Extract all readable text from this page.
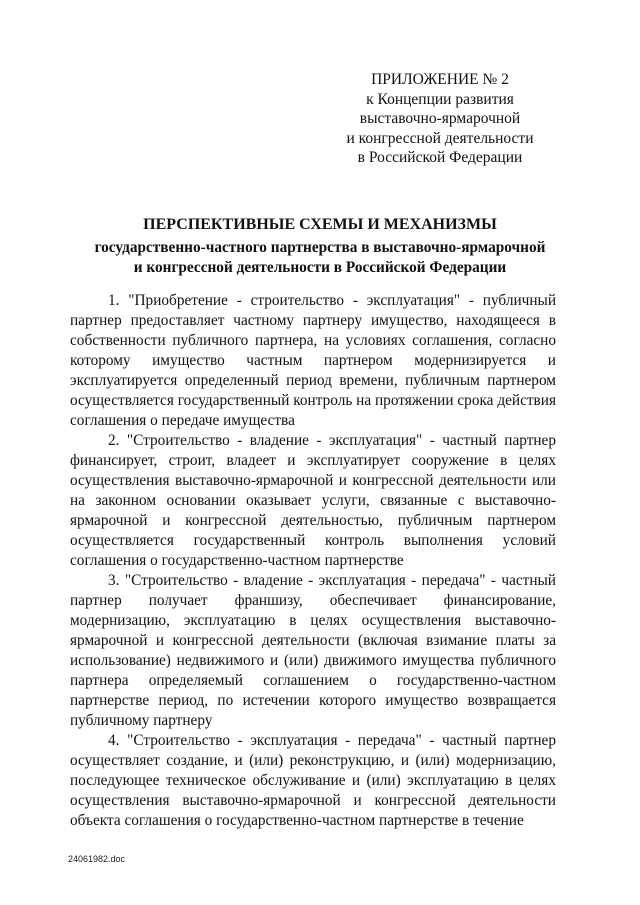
ПРИЛОЖЕНИЕ № 2
к Концепции развития
выставочно-ярмарочной
и конгрессной деятельности
в Российской Федерации
ПЕРСПЕКТИВНЫЕ СХЕМЫ И МЕХАНИЗМЫ
государственно-частного партнерства в выставочно-ярмарочной
и конгрессной деятельности в Российской Федерации

1. "Приобретение - строительство - эксплуатация" - публичный партнер предоставляет частному партнеру имущество, находящееся в собственности публичного партнера, на условиях соглашения, согласно которому имущество частным партнером модернизируется и эксплуатируется определенный период времени, публичным партнером осуществляется государственный контроль на протяжении срока действия соглашения о передаче имущества

2. "Строительство - владение - эксплуатация" - частный партнер финансирует, строит, владеет и эксплуатирует сооружение в целях осуществления выставочно-ярмарочной и конгрессной деятельности или на законном основании оказывает услуги, связанные с выставочно-ярмарочной и конгрессной деятельностью, публичным партнером осуществляется государственный контроль выполнения условий соглашения о государственно-частном партнерстве

3. "Строительство - владение - эксплуатация - передача" - частный партнер получает франшизу, обеспечивает финансирование, модернизацию, эксплуатацию в целях осуществления выставочно-ярмарочной и конгрессной деятельности (включая взимание платы за использование) недвижимого и (или) движимого имущества публичного партнера определяемый соглашением о государственно-частном партнерстве период, по истечении которого имущество возвращается публичному партнеру

4. "Строительство - эксплуатация - передача" - частный партнер осуществляет создание, и (или) реконструкцию, и (или) модернизацию, последующее техническое обслуживание и (или) эксплуатацию в целях осуществления выставочно-ярмарочной и конгрессной деятельности объекта соглашения о государственно-частном партнерстве в течение

24061982.doc
